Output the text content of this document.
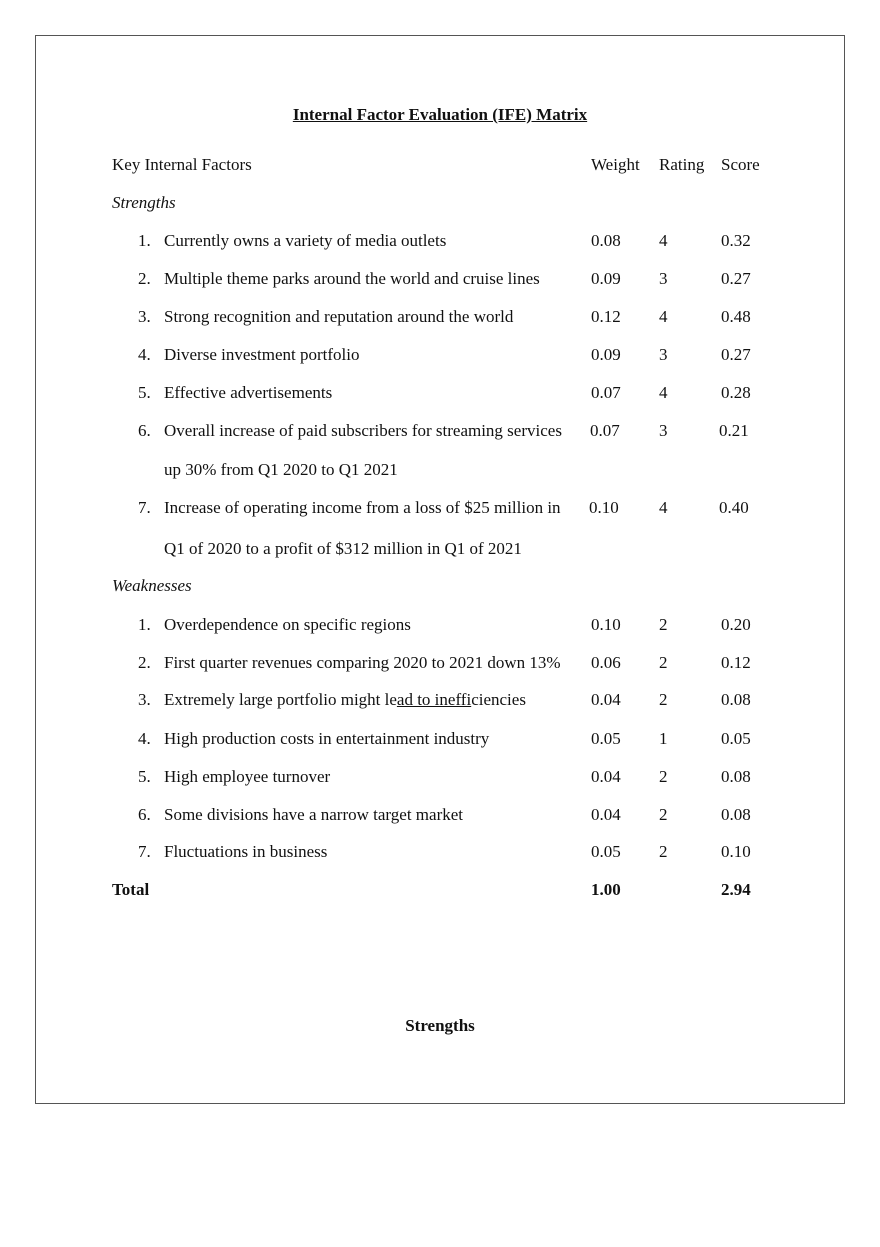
Internal Factor Evaluation (IFE) Matrix
Key Internal Factors	Weight Rating Score
Strengths
1. Currently owns a variety of media outlets	0.08 4	0.32
2. Multiple theme parks around the world and cruise lines	0.09 3	0.27
3. Strong recognition and reputation around the world	0.12 4	0.48
4. Diverse investment portfolio	0.09 3	0.27
5. Effective advertisements	0.07 4	0.28
6. Overall increase of paid subscribers for streaming services
up 30% from Q1 2020 to Q1 2021
0.07 3	0.21
7. Increase of operating income from a loss of $25 million in
Q1 of 2020 to a profit of $312 million in Q1 of 2021
0.10 4	0.40
Weaknesses
1. Overdependence on specific regions	0.10 2	0.20
2. First quarter revenues comparing 2020 to 2021 down 13% 0.06 2	0.12
3. Extremely large portfolio might lead to inefficiencies	0.04 2	0.08
4. High production costs in entertainment industry	0.05 1	0.05
5. High employee turnover	0.04 2	0.08
6. Some divisions have a narrow target market	0.04 2	0.08
7. Fluctuations in business	0.05 2	0.10
Total	1.00	2.94
Strengths
